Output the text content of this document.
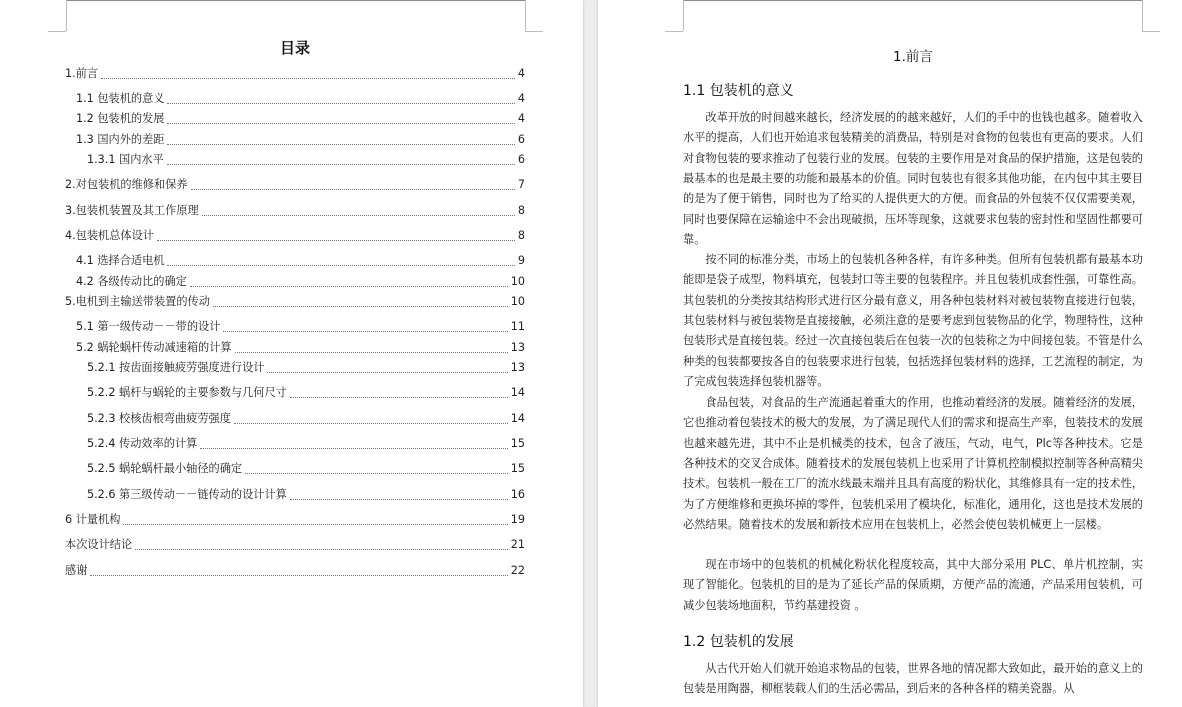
目录
1.前言	4
1.1 包装机的意义	4
1.2 包装机的发展	4
1.3 国内外的差距	6
1.3.1 国内水平	6
2.对包装机的维修和保养	7
3.包装机装置及其工作原理	8
4.包装机总体设计	8
4.1 选择合适电机	9
4.2 各级传动比的确定	10
5.电机到主输送带装置的传动	10
5.1 第一级传动－－带的设计	11
5.2 蜗轮蜗杆传动减速箱的计算	13
5.2.1 按齿面接触疲劳强度进行设计	13
5.2.2 蜗杆与蜗轮的主要参数与几何尺寸	14
5.2.3 校核齿根弯曲疲劳强度	14
5.2.4 传动效率的计算	15
5.2.5 蜗轮蜗杆最小轴径的确定	15
5.2.6 第三级传动－－链传动的设计计算	16
6 计量机构	19
本次设计结论	21
感谢	22
1.前言
1.1 包装机的意义

改革开放的时间越来越长，经济发展的的越来越好，人们的手中的也钱也越多。随着收入水平的提高，人们也开始追求包装精美的消费品，特别是对食物的包装也有更高的要求。人们对食物包装的要求推动了包装行业的发展。包装的主要作用是对食品的保护措施，这是包装的最基本的也是最主要的功能和最基本的价值。同时包装也有很多其他功能，在内包中其主要目的是为了便于销售，同时也为了给买的人提供更大的方便。而食品的外包装不仅仅需要美观，同时也要保障在运输途中不会出现破损，压坏等现象，这就要求包装的密封性和坚固性都要可靠。

按不同的标准分类，市场上的包装机各种各样，有许多种类。但所有包装机都有最基本功能即是袋子成型，物料填充，包装封口等主要的包装程序。并且包装机成套性强，可靠性高。其包装机的分类按其结构形式进行区分最有意义，用各种包装材料对被包装物直接进行包装，其包装材料与被包装物是直接接触，必须注意的是要考虑到包装物品的化学，物理特性，这种包装形式是直接包装。经过一次直接包装后在包装一次的包装称之为中间接包装。不管是什么种类的包装都要按各自的包装要求进行包装，包括选择包装材料的选择，工艺流程的制定，为了完成包装选择包装机器等。

食品包装，对食品的生产流通起着重大的作用，也推动着经济的发展。随着经济的发展，它也推动着包装技术的极大的发展，为了满足现代人们的需求和提高生产率，包装技术的发展也越来越先进，其中不止是机械类的技术，包含了液压，气动，电气，Plc等各种技术。它是各种技术的交叉合成体。随着技术的发展包装机上也采用了计算机控制模拟控制等各种高精尖技术。包装机一般在工厂的流水线最末端并且具有高度的粉状化，其维修具有一定的技术性，为了方便维修和更换坏掉的零件，包装机采用了模块化，标准化，通用化，这也是技术发展的必然结果。随着技术的发展和新技术应用在包装机上，必然会使包装机械更上一层楼。

现在市场中的包装机的机械化粉状化程度较高，其中大部分采用 PLC、单片机控制，实现了智能化。包装机的目的是为了延长产品的保质期，方便产品的流通，产品采用包装机，可减少包装场地面积，节约基建投资 。

1.2 包装机的发展

从古代开始人们就开始追求物品的包装，世界各地的情况都大致如此，最开始的意义上的包装是用陶器，柳框装载人们的生活必需品，到后来的各种各样的精美瓷器。从
